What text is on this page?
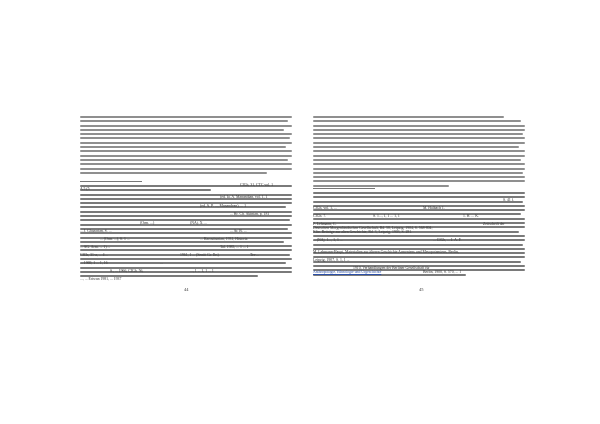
CIGh, 31, CTC vol. 1
A 5 (5
(ed. Ia. A. Manandian, vol. 1, 1
(ed. A. P. ..., Manandean), ... 1
... Hr. Ch. Akinian, p. 181
(Orm. ...)	(NAj. X. ...
... J. Ghazarian, S. ...	... Ar. B. ...
... (Orm. ...), S. 1 ...	... Haroutiunian, 1931, Historia
... AG. Arm. ... 1) ...	Tal. 1985, ... 1 ... 1
CICh, 31-a, ... 4 ...	1961, 1 ... (Seniit Gr. Ihs).	Ter-...
... 1969, 1 ... 1, 16	...
S., ... 1966, CIGh. 56,	..., 1 ... 1, 1 ... 1
..., ... Eriwan 1981, ... 1937
44
S. 41 f.
CIGh, vol. 1, ...	M. Halbach 1.
CIGh. 7.	S. 1..., 1, 1 ... 1, 1	1. H. ... K.
F. Lehmann, C.	Zeitschrift der
Deutschen Morgenländischen Gesellschaft, Bd. 58, Leipzig, 1904, S. 568-804;
Klio. Beiträge zur alten Geschichte, Bd. 3, Leipzig, 1903, S. 281.
... (NAj. 1..., 1, 1 ...	... CIGh, ... J. A. F.
M. Lehmann-Haupt, Materialien zur älteren Geschichte Armeniens und Mesopotamiens, Berlin,
Leipzig, 1907, S. 1, 1 ...
1910, Verhandlungen der Berliner Gesellschaft für
Anthropologie, Ethnologie und Urgeschichte	Berlin, 1900, S. 570, ... 1
45
